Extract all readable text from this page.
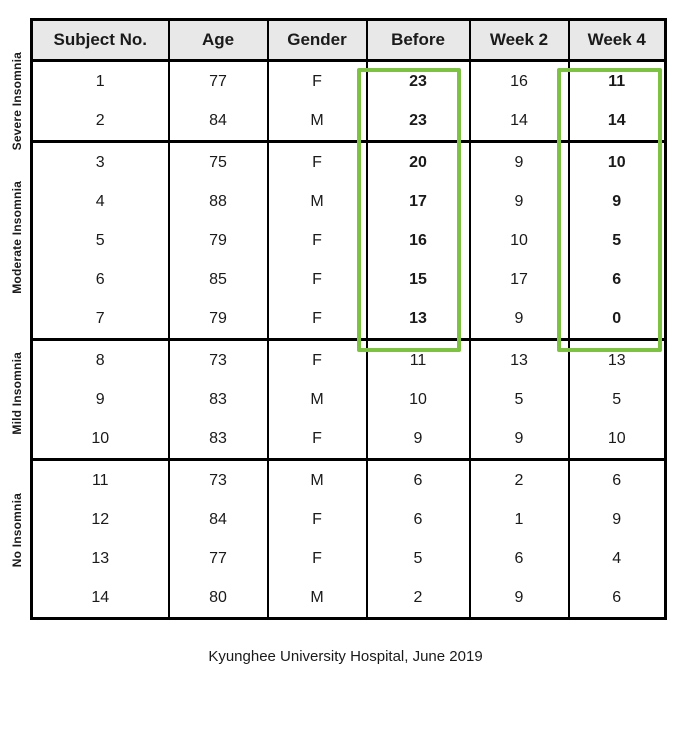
Severe Insomnia
Moderate Insomnia
Mild Insomnia
No Insomnia
Subject No.	Age	Gender	Before	Week 2	Week 4
1	77	F	23	16	11
2	84	M	23	14	14
3	75	F	20	9	10
4	88	M	17	9	9
5	79	F	16	10	5
6	85	F	15	17	6
7	79	F	13	9	0
8	73	F	11	13	13
9	83	M	10	5	5
10	83	F	9	9	10
11	73	M	6	2	6
12	84	F	6	1	9
13	77	F	5	6	4
14	80	M	2	9	6
Kyunghee University Hospital, June 2019
